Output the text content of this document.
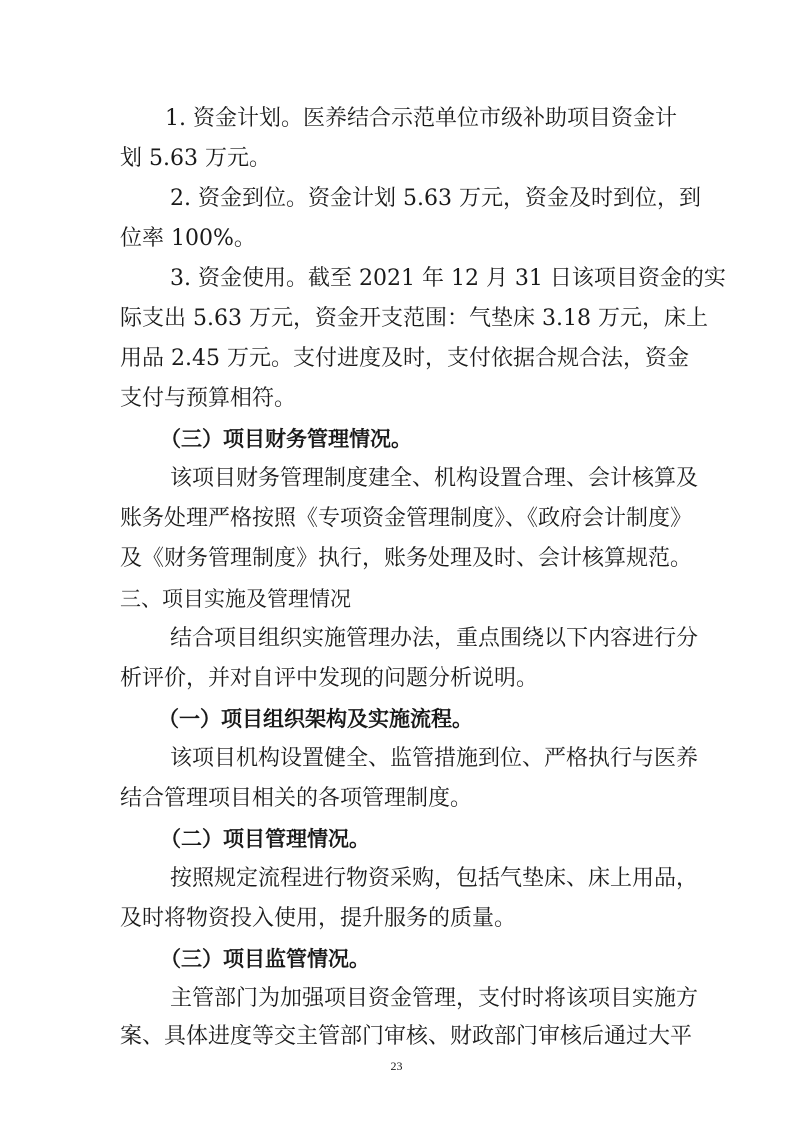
1. 资金计划。医养结合示范单位市级补助项目资金计
划 5.63 万元。
2. 资金到位。资金计划 5.63 万元，资金及时到位，到
位率 100%。
3. 资金使用。截至 2021 年 12 月 31 日该项目资金的实
际支出 5.63 万元，资金开支范围：气垫床 3.18 万元，床上
用品 2.45 万元。支付进度及时，支付依据合规合法，资金
支付与预算相符。
（三）项目财务管理情况。
该项目财务管理制度建全、机构设置合理、会计核算及
账务处理严格按照《专项资金管理制度》、《政府会计制度》
及《财务管理制度》执行，账务处理及时、会计核算规范。
三、项目实施及管理情况
结合项目组织实施管理办法，重点围绕以下内容进行分
析评价，并对自评中发现的问题分析说明。
（一）项目组织架构及实施流程。
该项目机构设置健全、监管措施到位、严格执行与医养
结合管理项目相关的各项管理制度。
（二）项目管理情况。
按照规定流程进行物资采购，包括气垫床、床上用品，
及时将物资投入使用，提升服务的质量。
（三）项目监管情况。
主管部门为加强项目资金管理，支付时将该项目实施方
案、具体进度等交主管部门审核、财政部门审核后通过大平
23
